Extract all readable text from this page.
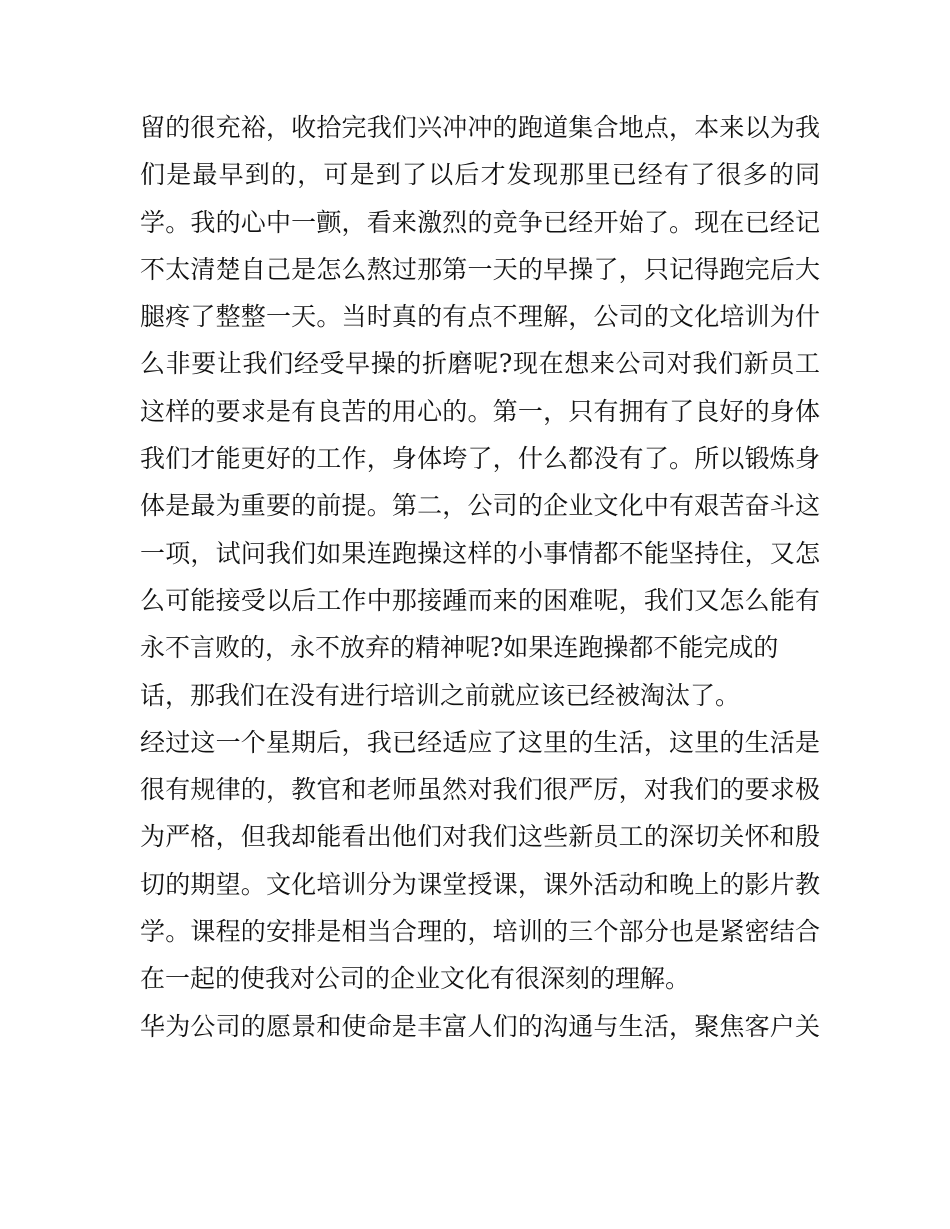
留的很充裕，收拾完我们兴冲冲的跑道集合地点，本来以为我
们是最早到的，可是到了以后才发现那里已经有了很多的同
学。我的心中一颤，看来激烈的竞争已经开始了。现在已经记
不太清楚自己是怎么熬过那第一天的早操了，只记得跑完后大
腿疼了整整一天。当时真的有点不理解，公司的文化培训为什
么非要让我们经受早操的折磨呢?现在想来公司对我们新员工
这样的要求是有良苦的用心的。第一，只有拥有了良好的身体
我们才能更好的工作，身体垮了，什么都没有了。所以锻炼身
体是最为重要的前提。第二，公司的企业文化中有艰苦奋斗这
一项，试问我们如果连跑操这样的小事情都不能坚持住，又怎
么可能接受以后工作中那接踵而来的困难呢，我们又怎么能有
永不言败的，永不放弃的精神呢?如果连跑操都不能完成的
话，那我们在没有进行培训之前就应该已经被淘汰了。
经过这一个星期后，我已经适应了这里的生活，这里的生活是
很有规律的，教官和老师虽然对我们很严厉，对我们的要求极
为严格，但我却能看出他们对我们这些新员工的深切关怀和殷
切的期望。文化培训分为课堂授课，课外活动和晚上的影片教
学。课程的安排是相当合理的，培训的三个部分也是紧密结合
在一起的使我对公司的企业文化有很深刻的理解。
华为公司的愿景和使命是丰富人们的沟通与生活，聚焦客户关
